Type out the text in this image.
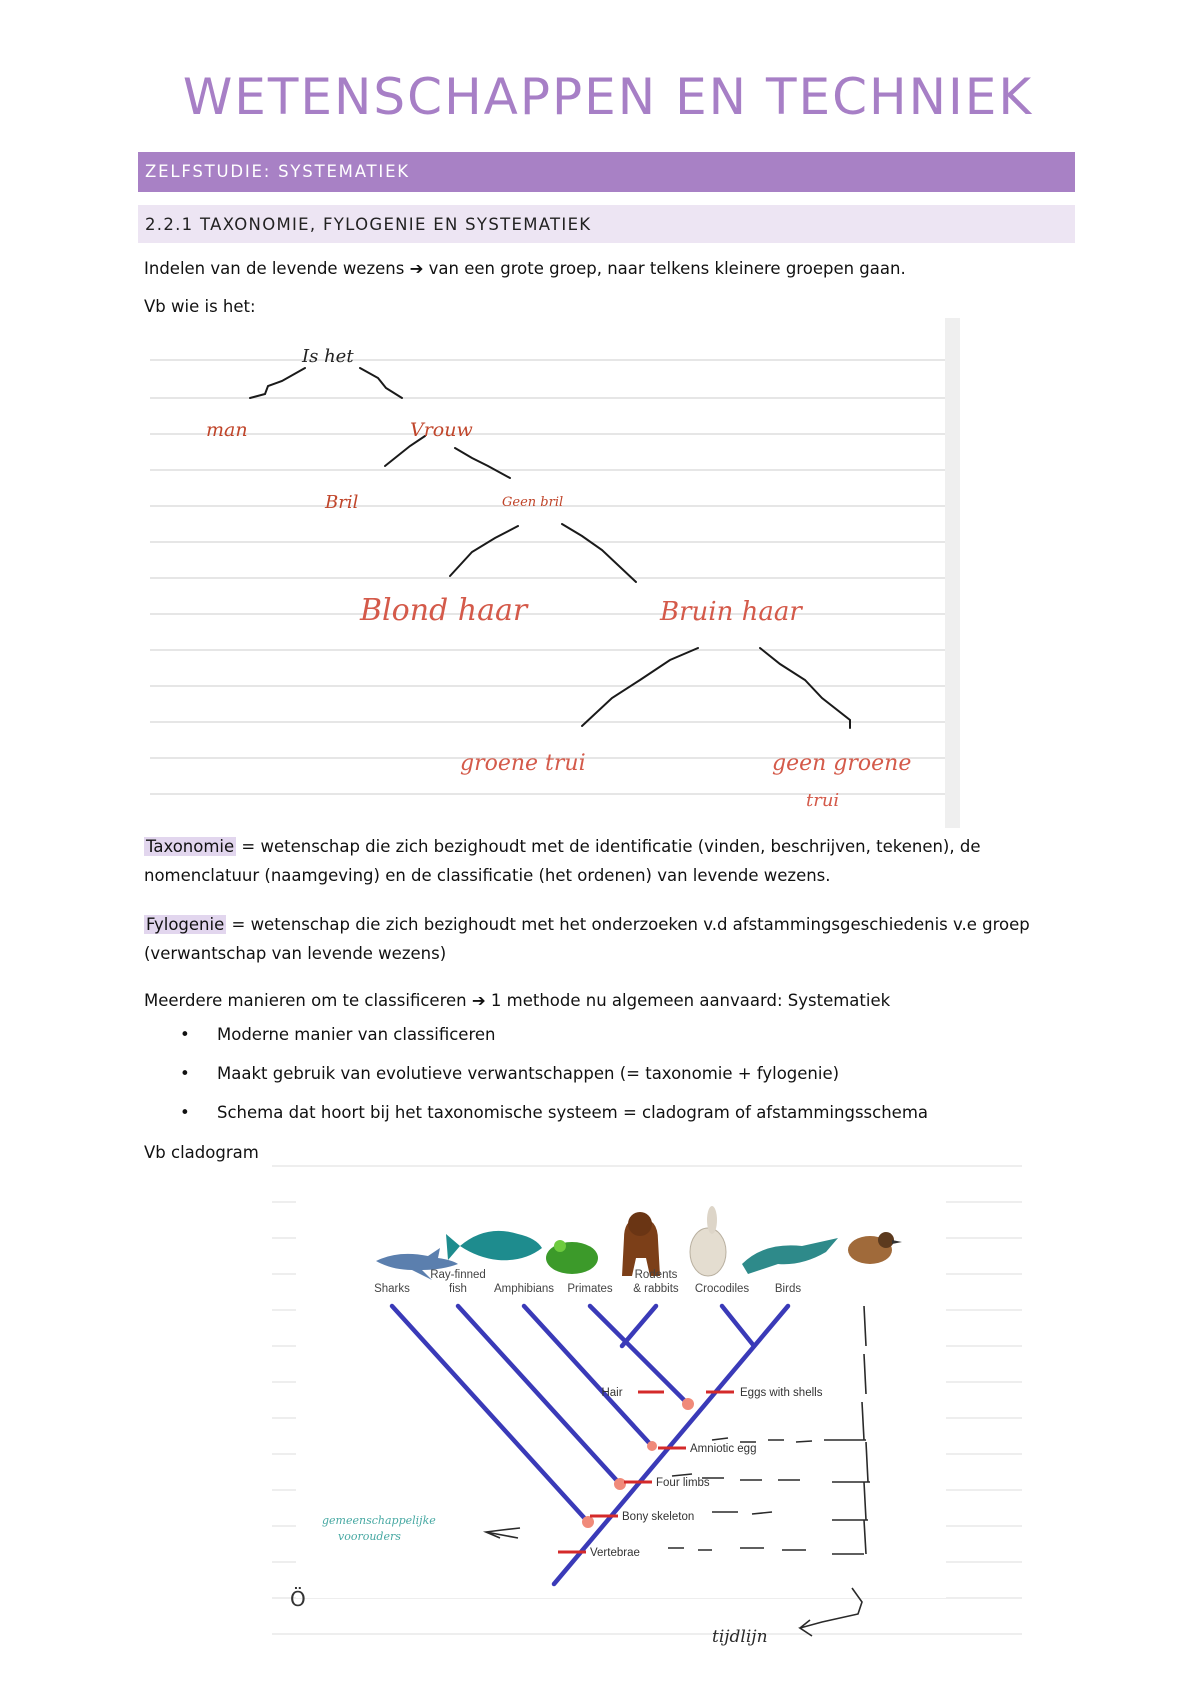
WETENSCHAPPEN EN TECHNIEK
ZELFSTUDIE: SYSTEMATIEK
2.2.1 TAXONOMIE, FYLOGENIE EN SYSTEMATIEK
Indelen van de levende wezens ➔ van een grote groep, naar telkens kleinere groepen gaan.
Vb wie is het:
Is het
man	Vrouw
Bril	Geen bril
Blond haar	Bruin haar
groene trui	geen groene
trui
Taxonomie = wetenschap die zich bezighoudt met de identificatie (vinden, beschrijven, tekenen), de
nomenclatuur (naamgeving) en de classificatie (het ordenen) van levende wezens.
Fylogenie = wetenschap die zich bezighoudt met het onderzoeken v.d afstammingsgeschiedenis v.e groep
(verwantschap van levende wezens)
Meerdere manieren om te classificeren ➔ 1 methode nu algemeen aanvaard: Systematiek
• Moderne manier van classificeren
• Maakt gebruik van evolutieve verwantschappen (= taxonomie + fylogenie)
• Schema dat hoort bij het taxonomische systeem = cladogram of afstammingsschema
Vb cladogram
Sharks
Ray-finned
fish Amphibians Primates
Rodents
& rabbits Crocodiles Birds
Hair	Eggs with shells
Amniotic egg
Four limbs
Bony skeleton
Vertebrae
gemeenschappelijke
voorouders
tijdlijn
Ö
